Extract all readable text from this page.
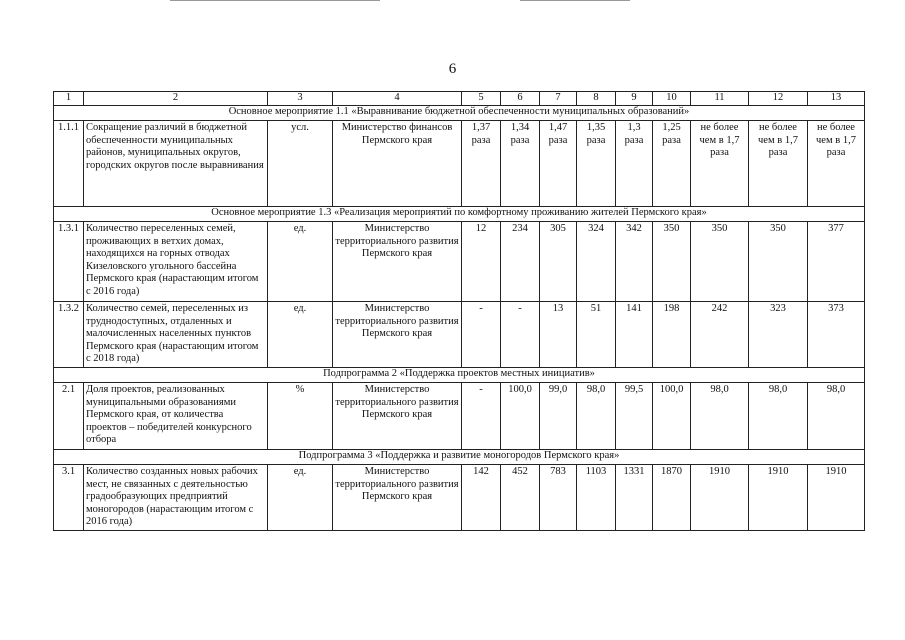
6
1	2	3	4	5	6	7	8	9	10	11	12	13
Основное мероприятие 1.1 «Выравнивание бюджетной обеспеченности муниципальных образований»												
1.1.1	Сокращение различий в бюджетной обеспеченности муниципальных районов, муниципальных округов, городских округов после выравнивания	усл.	Министерство финансов Пермского края	1,37 раза	1,34 раза	1,47 раза	1,35 раза	1,3 раза	1,25 раза	не более чем в 1,7 раза	не более чем в 1,7 раза	не более чем в 1,7 раза
Основное мероприятие 1.3 «Реализация мероприятий по комфортному проживанию жителей Пермского края»												
1.3.1	Количество переселенных семей, проживающих в ветхих домах, находящихся на горных отводах Кизеловского угольного бассейна Пермского края (нарастающим итогом с 2016 года)	ед.	Министерство территориального развития Пермского края	12	234	305	324	342	350	350	350	377
1.3.2	Количество семей, переселенных из труднодоступных, отдаленных и малочисленных населенных пунктов Пермского края (нарастающим итогом с 2018 года)	ед.	Министерство территориального развития Пермского края	-	-	13	51	141	198	242	323	373
Подпрограмма 2 «Поддержка проектов местных инициатив»												
2.1	Доля проектов, реализованных муниципальными образованиями Пермского края, от количества проектов – победителей конкурсного отбора	%	Министерство территориального развития Пермского края	-	100,0	99,0	98,0	99,5	100,0	98,0	98,0	98,0
Подпрограмма 3 «Поддержка и развитие моногородов Пермского края»												
3.1	Количество созданных новых рабочих мест, не связанных с деятельностью градообразующих предприятий моногородов (нарастающим итогом с 2016 года)	ед.	Министерство территориального развития Пермского края	142	452	783	1103	1331	1870	1910	1910	1910
